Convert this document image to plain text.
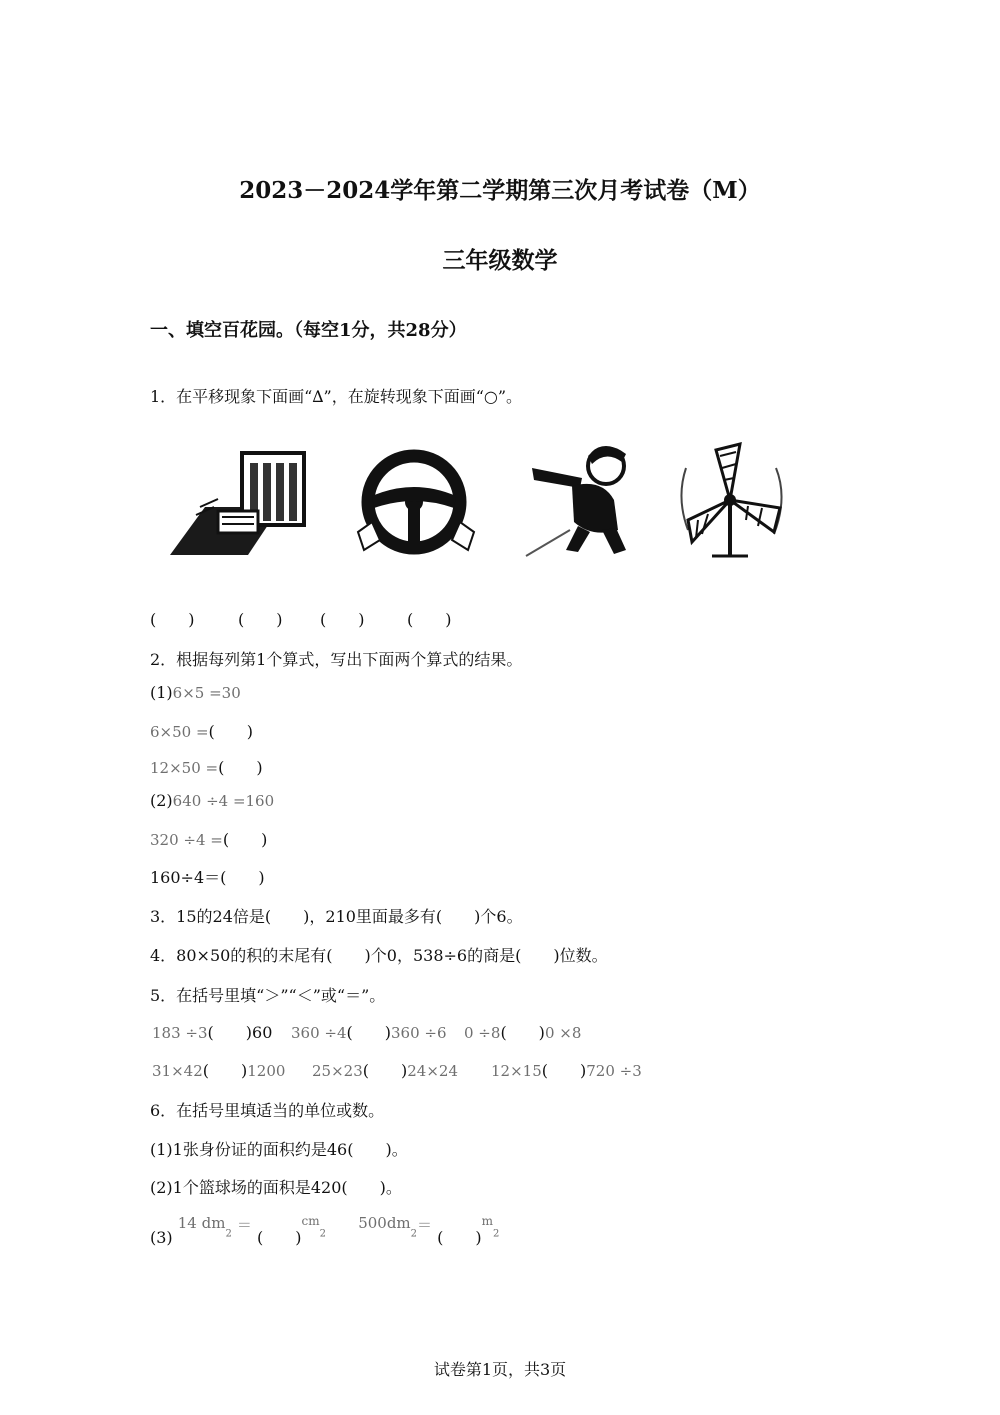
2023－2024学年第二学期第三次月考试卷（M）
三年级数学
一、填空百花园。（每空1分，共28分）
1．在平移现象下面画“∆”，在旋转现象下面画“○”。
(　　)	(　　) (　　)	(　　)
2．根据每列第1个算式，写出下面两个算式的结果。
(1)6×5 =30
6×50 =(　　)
12×50 =(　　)
(2)640 ÷4 =160
320 ÷4 =(　　)
160÷4＝(　　)
3．15的24倍是(　　)，210里面最多有(　　)个6。
4．80×50的积的末尾有(　　)个0，538÷6的商是(　　)位数。
5．在括号里填“＞”“＜”或“＝”。
183 ÷3(　　)60 360 ÷4(　　)360 ÷6 0 ÷8(　　)0 ×8
31×42(　　)1200 25×23(　　)24×24 12×15(　　)720 ÷3
6．在括号里填适当的单位或数。
(1)1张身份证的面积约是46(　　)。
(2)1个篮球场的面积是420(　　)。
(3) 14 $dm^2$ ＝ (　　)$^{cm2}$  $500dm^2=$ (　　)$^{m2}$
试卷第1页，共3页
